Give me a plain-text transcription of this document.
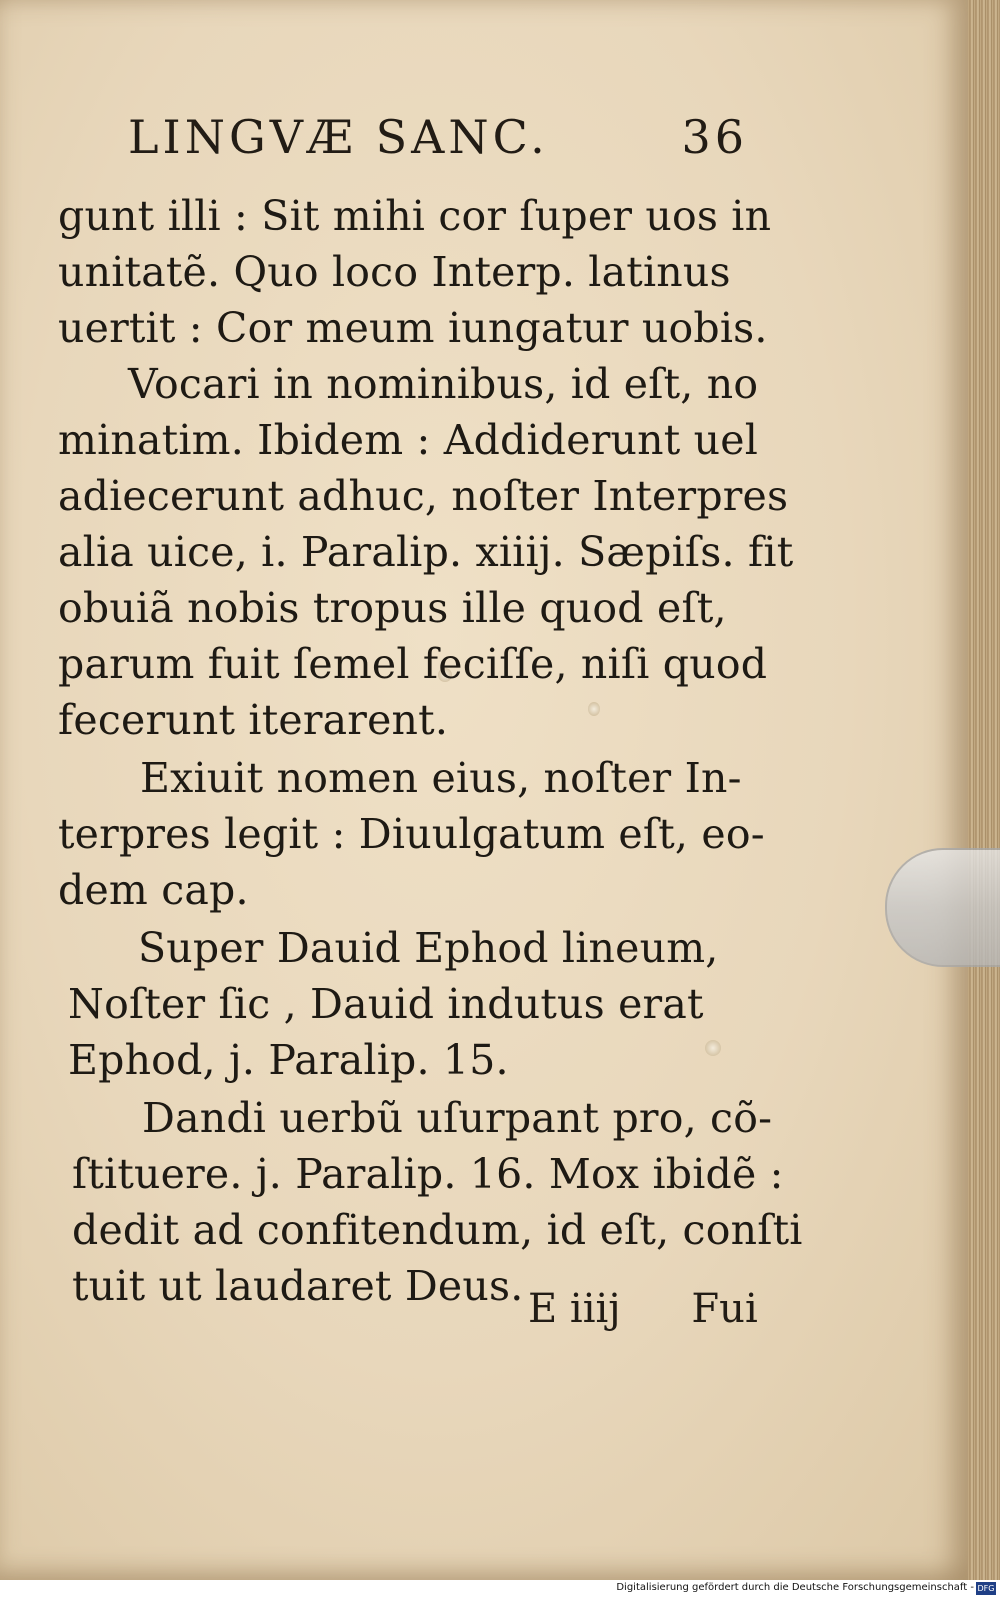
LINGVÆ SANC.	36
gunt illi : Sit mihi cor ſuper uos in
unitatẽ. Quo loco Interp. latinus
uertit : Cor meum iungatur uobis.
Vocari in nominibus, id eſt, no
minatim. Ibidem : Addiderunt uel
adiecerunt adhuc, noſter Interpres
alia uice, i. Paralip. xiiij. Sæpiſs. fit
obuiã nobis tropus ille quod eſt,
parum fuit ſemel feciſſe, niſi quod
fecerunt iterarent.
Exiuit nomen eius, noſter In-
terpres legit : Diuulgatum eſt, eo-
dem cap.
Super Dauid Ephod lineum,
Noſter ſic , Dauid indutus erat
Ephod, j. Paralip. 15.
Dandi uerbũ uſurpant pro, cõ-
ſtituere. j. Paralip. 16. Mox ibidẽ :
dedit ad confitendum, id eſt, conſti
tuit ut laudaret Deus. E iiij Fui
Digitalisierung gefördert durch die Deutsche Forschungsgemeinschaft - DFG
